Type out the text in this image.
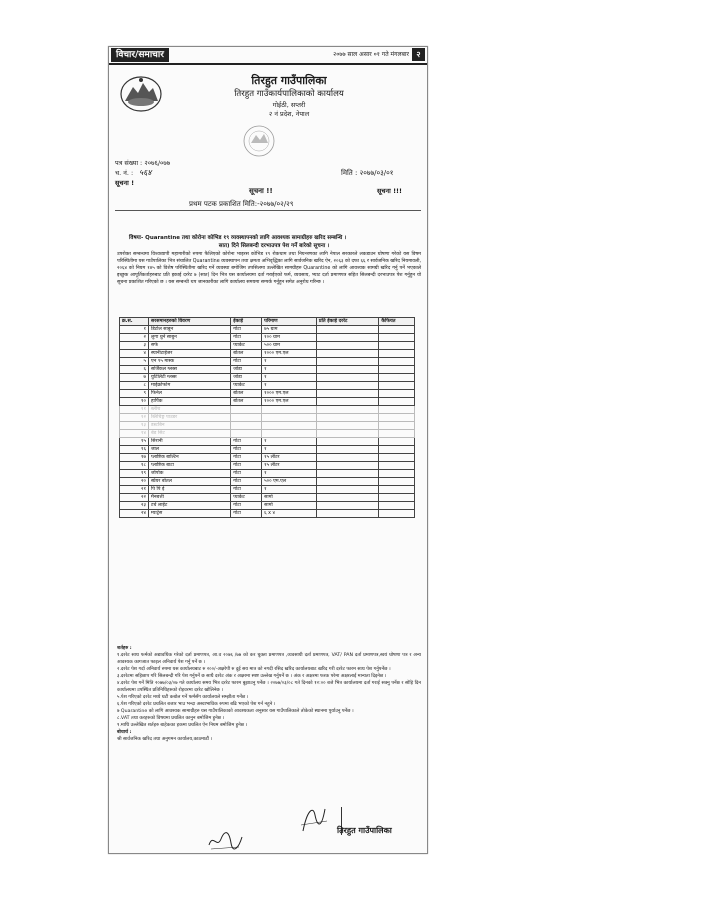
विचार/समाचार	२०७७ साल असार ०१ गते मंगलबार २
तिरहुत गाउँपालिका
तिरहुत गाउँकार्यपालिकाको कार्यालय
गोईठी, सप्तरी
२ नं प्रदेश, नेपाल
पत्र संख्या : २०७६/०७७
च. नं. : ५६४
सूचना !
सूचना !!
मिति : २०७७/०३/०१
सूचना !!!
प्रथम पटक प्रकाशित मिति:-२०७७/०२/२९
विषयः- Quarantine तथा कोरोना कोभिड १९ व्यवस्थापनको लागि आवश्यक सामाग्रीहरु खरिद सम्बन्धि ।
सात) दिने सिलबन्दी दरभाउपत्र पेश गर्ने बारेको सूचना ।
उपरोक्त सम्बन्धमा विश्वव्यापी महामारीको रुपमा फैलिएको कोरोना भाइरस कोभिड १९ रोकथाम तथा नियन्त्रणका लागि नेपाल सरकारले लकडाउन घोषणा गरेको यस विषम परिस्थितीमा यस गाउँपालिका भित्र संचालित Quarantine व्यवस्थापन तथा क्षमता अभिवृद्धिका लागि सार्वजनिक खरिद ऐन, २०६३ को दफा ६६ र सार्वजनिक खरिद नियमावली, २०६४ को नियम १४५ को विशेष परिस्थितीमा खरिद गर्ने व्यवस्था बमोजिम तपसिलमा उल्लेखित सामग्रीहरु Quarantine को लागि आवश्यक सामग्री खरिद गर्नु पर्ने भएकाले इच्छुक आपूर्तिकर्ताहरुबाट प्रति इकाई दररेट ७ (सात) दिन भित्र यस कार्यालयमा दर्ता गराईएको फर्म, व्यवसाय, भ्याट दर्ता प्रमाणपत्र सहित सिलबन्दी दरभाउपत्र पेश गर्नुहुन यो सूचना प्रकाशित गरिएको छ । यस सम्बन्धी थप जानकारीका लागि कार्यालय समयमा सम्पर्क गर्नुहुन समेत अनुरोध गरिन्छ ।
क्र.स.	सरसमानहरुको विवरण	ईकाई	परिमाण	प्रति ईकाई दररेट	कैफियत
१	डिटोल साबुन	गोटा	७५ ग्राम		
२	लुगा धुने साबुन	गोटा	१०० ग्राम		
३	सर्फ	प्याकेट	५०० ग्राम		
४	स्यानीटाईजर	बोतल	१००० एम.एल		
५	एन ९५ मास्क	गोटा	१		
६	सर्जिकल ग्लब्स	जोडा	१		
७	युटिलिटी ग्लब्स	जोडा	१		
८	माईक्रोफोम	प्याकेट	१		
९	फिनेल	बोतल	१००० एम.एल		
१०	हार्पिक	बोतल	१००० एम.एल		
११	ब्लीच				
१२	ब्लिचिङ्ग पाउडर				
१३	डस्टबिन				
१४	बेड सिट				
१५	सिरानी	गोटा	१		
१६	जाल	गोटा	१		
१७	प्लाष्टिक बाल्टिन	गोटा	१५ लीटर		
१८	प्लाष्टिक बाटा	गोटा	१५ लीटर		
१९	जोर्पाक	गोटा	१		
२०	स्प्रेयर बोतल	गोटा	५०० एम.एल		
२१	पि पि ई	गोटा	१		
२२	मैनबत्ती	प्याकेट	सामो		
२३	टर्च लाईट	गोटा	सामो		
२४	म्याट्रेस	गोटा	६ x ४		

शर्तहरु :

१.दररेट साथ फर्मको अद्यावधिक गरेको दर्ता प्रमाणपत्र, आ.व २०७६ /७७ को कर चुक्ता प्रमाणपत्र ,व्यवसायी दर्ता प्रमाणपत्र, VAT/ PAN दर्ता प्रमाणपत्र,स्वयं घोषणा पत्र र अन्य आवश्यक कागजात फाइल अनिवार्य पेश गर्नु पर्ने छ ।

२.दररेट पेश गर्दा अनिवार्य रुपमा यस कार्यालयबाट रु २००/-अक्षरेपी रु दुई सय मात्र को नगदी रसिद खरिद कार्यालयबाट खरिद गरी दररेट फारम साथ पेश गर्नुपर्नेछ ।

३.दररेटमा सहिछाप गरि सिलबन्दी गरि पेश गर्नुपर्ने छ साथै दररेट अंक र अक्षरमा स्पष्ट उल्लेख गर्नुपर्ने छ । अंक र अक्षरमा फरक परेमा अक्षरलाई मान्यता दिइनेछ ।

४.दररेट पेश गर्ने मिति २०७७/०३/०७ गते कार्यालय समय भित्र दररेट फारम बुझाउनु पर्नेछ । २०७७/०३/०८ गते दिनको १२:०० बजे भित्र कार्यालयमा दर्ता गराई सक्नु पर्नेछ र सोहि दिन कार्यालयमा उपस्थित प्रतिनिधिहरुको रोहवरमा दररेट खोलिनेछ ।

५.पेश गरिएको दररेट मध्ये घटी कबोल गर्ने फर्मसँग कार्यालयले सम्झौता गर्नेछ ।

६.पेश गरिएको दररेट प्रचलित बजार भाउ भन्दा अस्वाभाविक रुपमा बढि भएको पेश गर्न नहुने ।

७ Quarantine को लागि आवश्यक सामाग्रीहरु यस गाउँपालिकाको आवश्यकता अनुसार यस गाउँपालिकाले तोकेको स्थानमा पुर्याउनु पर्नेछ ।

८.VAT तथा करहरुको विषयमा प्रचलित कानुन बमोजिम हुनेछ ।

९.माथि उल्लेखित शर्तहरु बाहेकका हकमा प्रचलित ऐन नियम बमोजिम हुनेछ ।

बोधार्थ :

श्री सार्वजनिक खरिद तथा अनुगमन कार्यालय,काठमाडौं ।

तिरहुत गाउँपालिका
